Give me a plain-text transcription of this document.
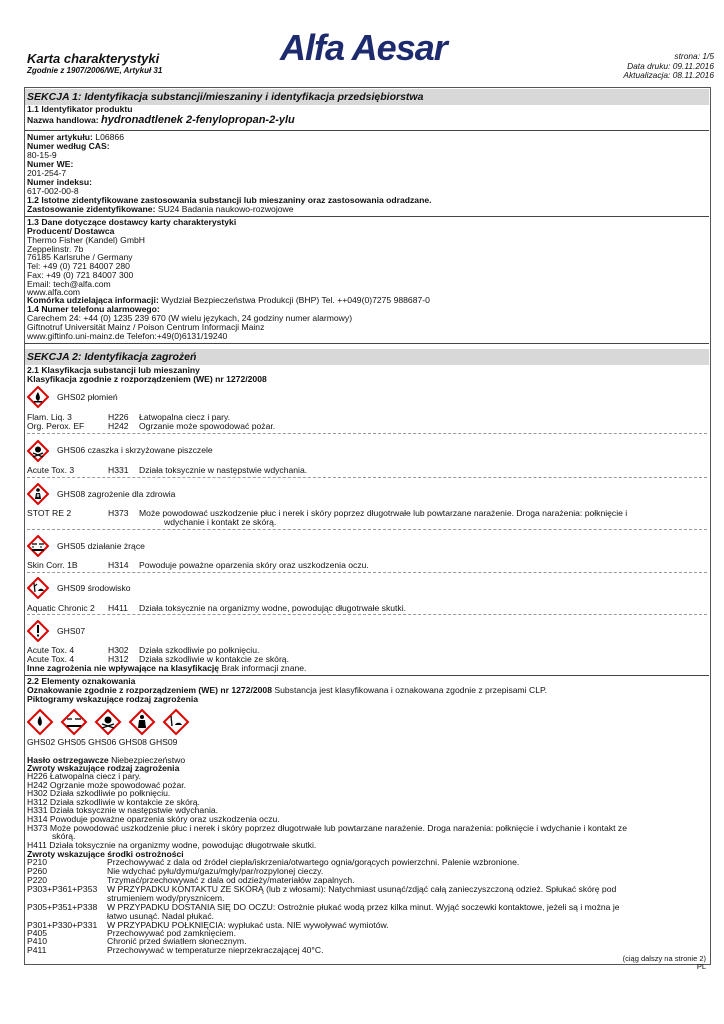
Karta charakterystyki
Zgodnie z 1907/2006/WE, Artykuł 31
Alfa Aesar	strona: 1/5
Data druku: 09.11.2016
Aktualizacja: 08.11.2016
SEKCJA 1: Identyfikacja substancji/mieszaniny i identyfikacja przedsiębiorstwa
1.1 Identyfikator produktu
Nazwa handlowa: hydronadtlenek 2-fenylopropan-2-ylu
Numer artykułu: L06866
Numer według CAS:
80-15-9
Numer WE:
201-254-7
Numer indeksu:
617-002-00-8
1.2 Istotne zidentyfikowane zastosowania substancji lub mieszaniny oraz zastosowania odradzane.
Zastosowanie zidentyfikowane: SU24 Badania naukowo-rozwojowe
1.3 Dane dotyczące dostawcy karty charakterystyki
Producent/ Dostawca
Thermo Fisher (Kandel) GmbH
Zeppelinstr. 7b
76185 Karlsruhe / Germany
Tel: +49 (0) 721 84007 280
Fax: +49 (0) 721 84007 300
Email: tech@alfa.com
www.alfa.com
Komórka udzielająca informacji: Wydział Bezpieczeństwa Produkcji (BHP) Tel. ++049(0)7275 988687-0
1.4 Numer telefonu alarmowego:
Carechem 24: +44 (0) 1235 239 670 (W wielu językach, 24 godziny numer alarmowy)
Giftnotruf Universität Mainz / Poison Centrum Informacji Mainz
www.giftinfo.uni-mainz.de Telefon:+49(0)6131/19240
SEKCJA 2: Identyfikacja zagrożeń
2.1 Klasyfikacja substancji lub mieszaniny
Klasyfikacja zgodnie z rozporządzeniem (WE) nr 1272/2008
GHS02 płomień
Flam. Liq. 3	H226 Łatwopalna ciecz i pary.
Org. Perox. EF	H242 Ogrzanie może spowodować pożar.
GHS06 czaszka i skrzyżowane piszczele
Acute Tox. 3	H331 Działa toksycznie w następstwie wdychania.
GHS08 zagrożenie dla zdrowia
STOT RE 2	H373 Może powodować uszkodzenie płuc i nerek i skóry poprzez długotrwałe lub powtarzane narażenie. Droga narażenia: połknięcie i
wdychanie i kontakt ze skórą.
GHS05 działanie żrące
Skin Corr. 1B	H314 Powoduje poważne oparzenia skóry oraz uszkodzenia oczu.
GHS09 środowisko
Aquatic Chronic 2 H411 Działa toksycznie na organizmy wodne, powodując długotrwałe skutki.
GHS07
Acute Tox. 4	H302 Działa szkodliwie po połknięciu.
Acute Tox. 4	H312 Działa szkodliwie w kontakcie ze skórą.
Inne zagrożenia nie wpływające na klasyfikację Brak informacji znane.
2.2 Elementy oznakowania
Oznakowanie zgodnie z rozporządzeniem (WE) nr 1272/2008 Substancja jest klasyfikowana i oznakowana zgodnie z przepisami CLP.
Piktogramy wskazujące rodzaj zagrożenia
GHS02 GHS05 GHS06 GHS08 GHS09
Hasło ostrzegawcze Niebezpieczeństwo
Zwroty wskazujące rodzaj zagrożenia
H226 Łatwopalna ciecz i pary.
H242 Ogrzanie może spowodować pożar.
H302 Działa szkodliwie po połknięciu.
H312 Działa szkodliwie w kontakcie ze skórą.
H331 Działa toksycznie w następstwie wdychania.
H314 Powoduje poważne oparzenia skóry oraz uszkodzenia oczu.
H373 Może powodować uszkodzenie płuc i nerek i skóry poprzez długotrwałe lub powtarzane narażenie. Droga narażenia: połknięcie i wdychanie i kontakt ze
skórą.
H411 Działa toksycznie na organizmy wodne, powodując długotrwałe skutki.
Zwroty wskazujące środki ostrożności
P210	Przechowywać z dala od źródeł ciepła/iskrzenia/otwartego ognia/gorących powierzchni. Palenie wzbronione.
P260	Nie wdychać pyłu/dymu/gazu/mgły/par/rozpylonej cieczy.
P220	Trzymać/przechowywać z dala od odzieży/materiałów zapalnych.
P303+P361+P353 W PRZYPADKU KONTAKTU ZE SKÓRĄ (lub z włosami): Natychmiast usunąć/zdjąć całą zanieczyszczoną odzież. Spłukać skórę pod
strumieniem wody/prysznicem.
P305+P351+P338 W PRZYPADKU DOSTANIA SIĘ DO OCZU: Ostrożnie płukać wodą przez kilka minut. Wyjąć soczewki kontaktowe, jeżeli są i można je
łatwo usunąć. Nadal płukać.
P301+P330+P331 W PRZYPADKU POŁKNIĘCIA: wypłukać usta. NIE wywoływać wymiotów.
P405	Przechowywać pod zamknięciem.
P410	Chronić przed światłem słonecznym.
P411	Przechowywać w temperaturze nieprzekraczającej 40°C.
(ciąg dalszy na stronie 2)
PL
